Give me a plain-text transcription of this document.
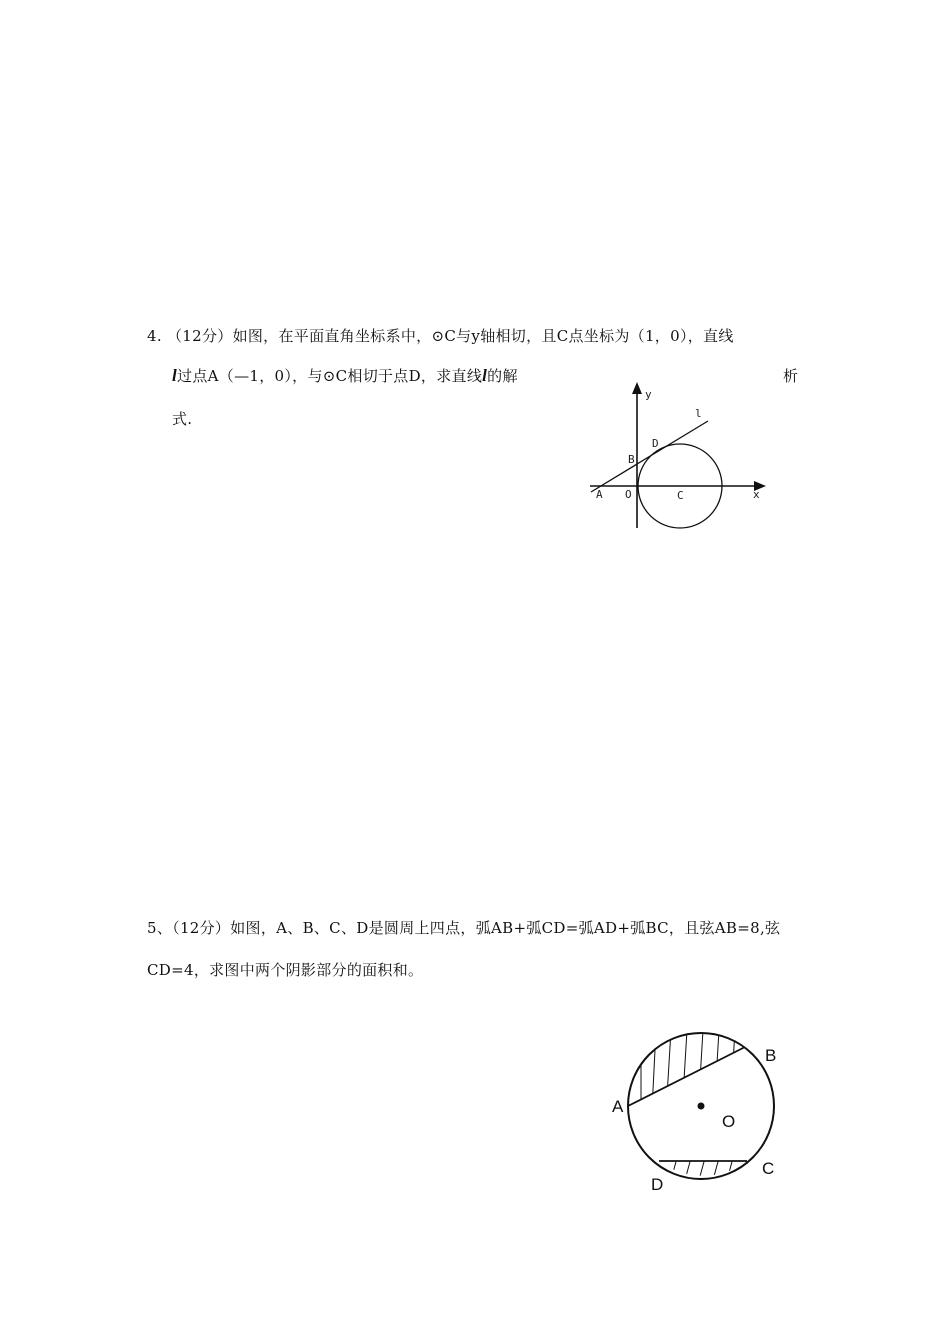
4. （12分）如图，在平面直角坐标系中，⊙C与y轴相切，且C点坐标为（1，0），直线
l过点A（—1，0），与⊙C相切于点D，求直线l的解	析
式.
y
l
D
B
A O	C	x
5、（12分）如图，A、B、C、D是圆周上四点，弧AB+弧CD=弧AD+弧BC，且弦AB=8,弦
CD=4，求图中两个阴影部分的面积和。
A
B
O
C
D
